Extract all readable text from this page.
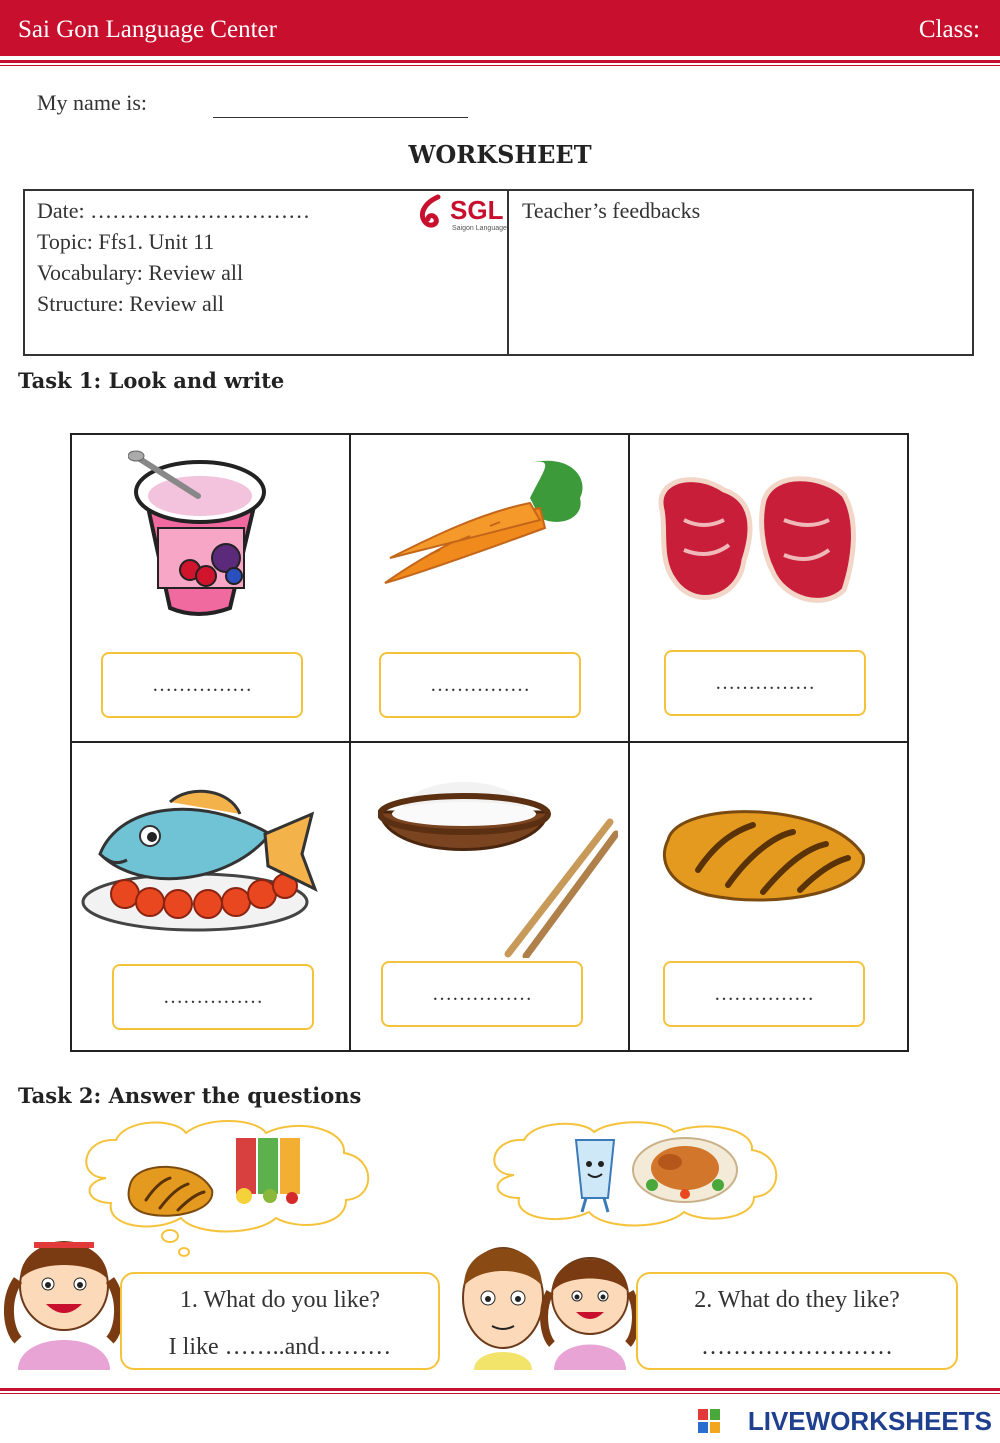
Sai Gon Language Center	Class:
My name is:
WORKSHEET
Date: …………………………
Topic: Ffs1. Unit 11
Vocabulary: Review all
Structure: Review all
Teacher’s feedbacks
SGL
Saigon Language
Task 1: Look and write
……………	……………	……………
……………	……………	……………
Task 2: Answer the questions
1. What do you like?
I like ……..and………
2. What do they like?
……………………
LIVEWORKSHEETS
